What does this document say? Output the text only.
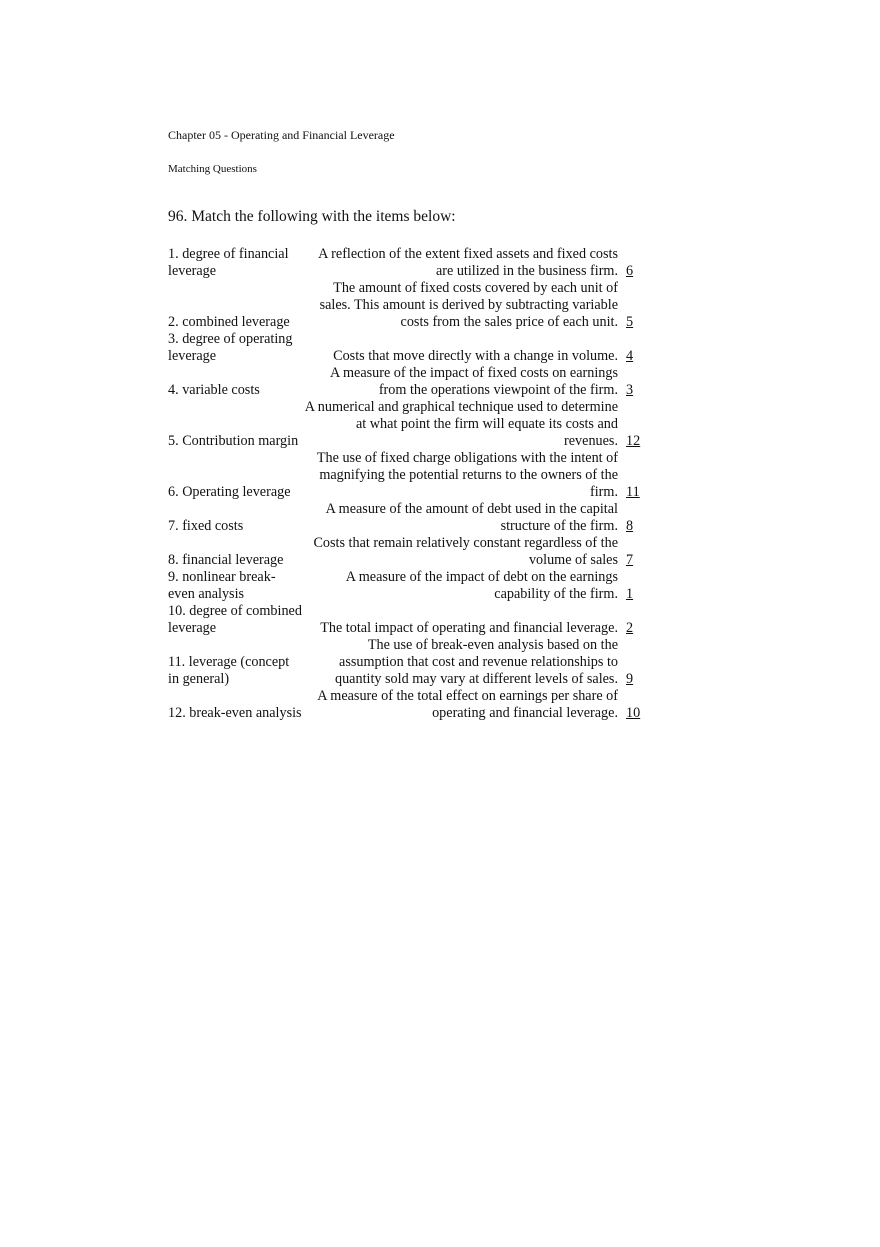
Chapter 05 - Operating and Financial Leverage
Matching Questions
96. Match the following with the items below:
1. degree of financial leverage	A reflection of the extent fixed assets and fixed costs are utilized in the business firm.	6
2. combined leverage	The amount of fixed costs covered by each unit of sales. This amount is derived by subtracting variable costs from the sales price of each unit.	5
3. degree of operating leverage	Costs that move directly with a change in volume.	4
4. variable costs	A measure of the impact of fixed costs on earnings from the operations viewpoint of the firm.	3
5. Contribution margin	A numerical and graphical technique used to determine at what point the firm will equate its costs and revenues.	12
6. Operating leverage	The use of fixed charge obligations with the intent of magnifying the potential returns to the owners of the firm.	11
7. fixed costs	A measure of the amount of debt used in the capital structure of the firm.	8
8. financial leverage	Costs that remain relatively constant regardless of the volume of sales	7
9. nonlinear break-even analysis	A measure of the impact of debt on the earnings capability of the firm.	1
10. degree of combined leverage	The total impact of operating and financial leverage.	2
11. leverage (concept in general)	The use of break-even analysis based on the assumption that cost and revenue relationships to quantity sold may vary at different levels of sales.	9
12. break-even analysis	A measure of the total effect on earnings per share of operating and financial leverage.	10
